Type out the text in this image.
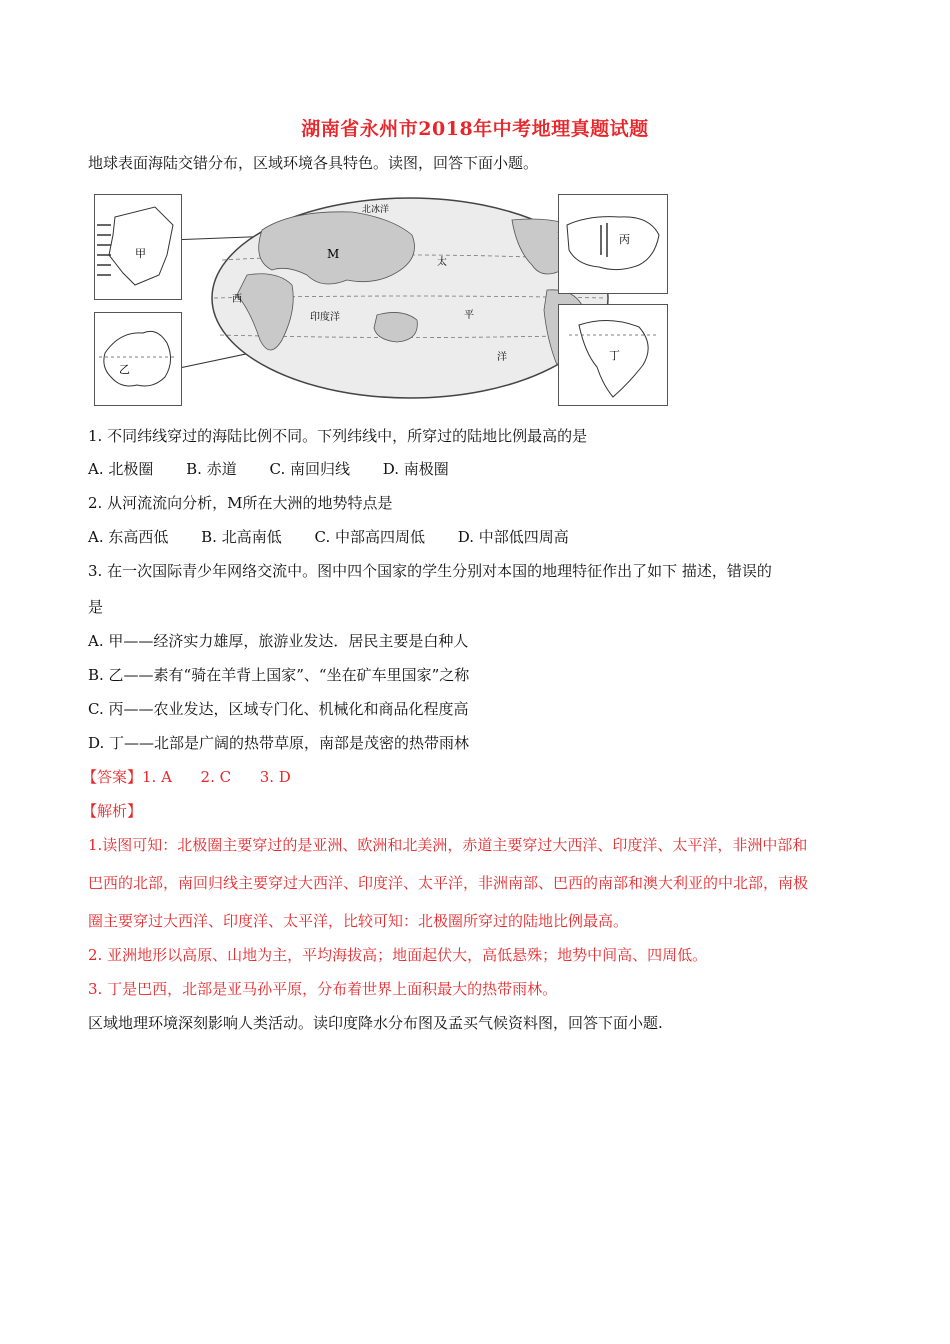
湖南省永州市2018年中考地理真题试题
地球表面海陆交错分布，区域环境各具特色。读图，回答下面小题。
M
北冰洋
太
平
洋
西
印度洋
甲
乙
丙
丁
1. 不同纬线穿过的海陆比例不同。下列纬线中，所穿过的陆地比例最高的是
A. 北极圈 B. 赤道 C. 南回归线 D. 南极圈
2. 从河流流向分析，M所在大洲的地势特点是
A. 东高西低 B. 北高南低 C. 中部高四周低 D. 中部低四周高
3. 在一次国际青少年网络交流中。图中四个国家的学生分别对本国的地理特征作出了如下 描述，错误的
是
A. 甲——经济实力雄厚，旅游业发达．居民主要是白种人
B. 乙——素有“骑在羊背上国家”、“坐在矿车里国家”之称
C. 丙——农业发达，区域专门化、机械化和商品化程度高
D. 丁——北部是广阔的热带草原，南部是茂密的热带雨林
【答案】1. A      2. C      3. D
【解析】
1.读图可知：北极圈主要穿过的是亚洲、欧洲和北美洲，赤道主要穿过大西洋、印度洋、太平洋，非洲中部和
巴西的北部，南回归线主要穿过大西洋、印度洋、太平洋，非洲南部、巴西的南部和澳大利亚的中北部，南极
圈主要穿过大西洋、印度洋、太平洋，比较可知：北极圈所穿过的陆地比例最高。
2. 亚洲地形以高原、山地为主，平均海拔高；地面起伏大，高低悬殊；地势中间高、四周低。
3. 丁是巴西，北部是亚马孙平原，分布着世界上面积最大的热带雨林。
区域地理环境深刻影响人类活动。读印度降水分布图及孟买气候资料图，回答下面小题.
